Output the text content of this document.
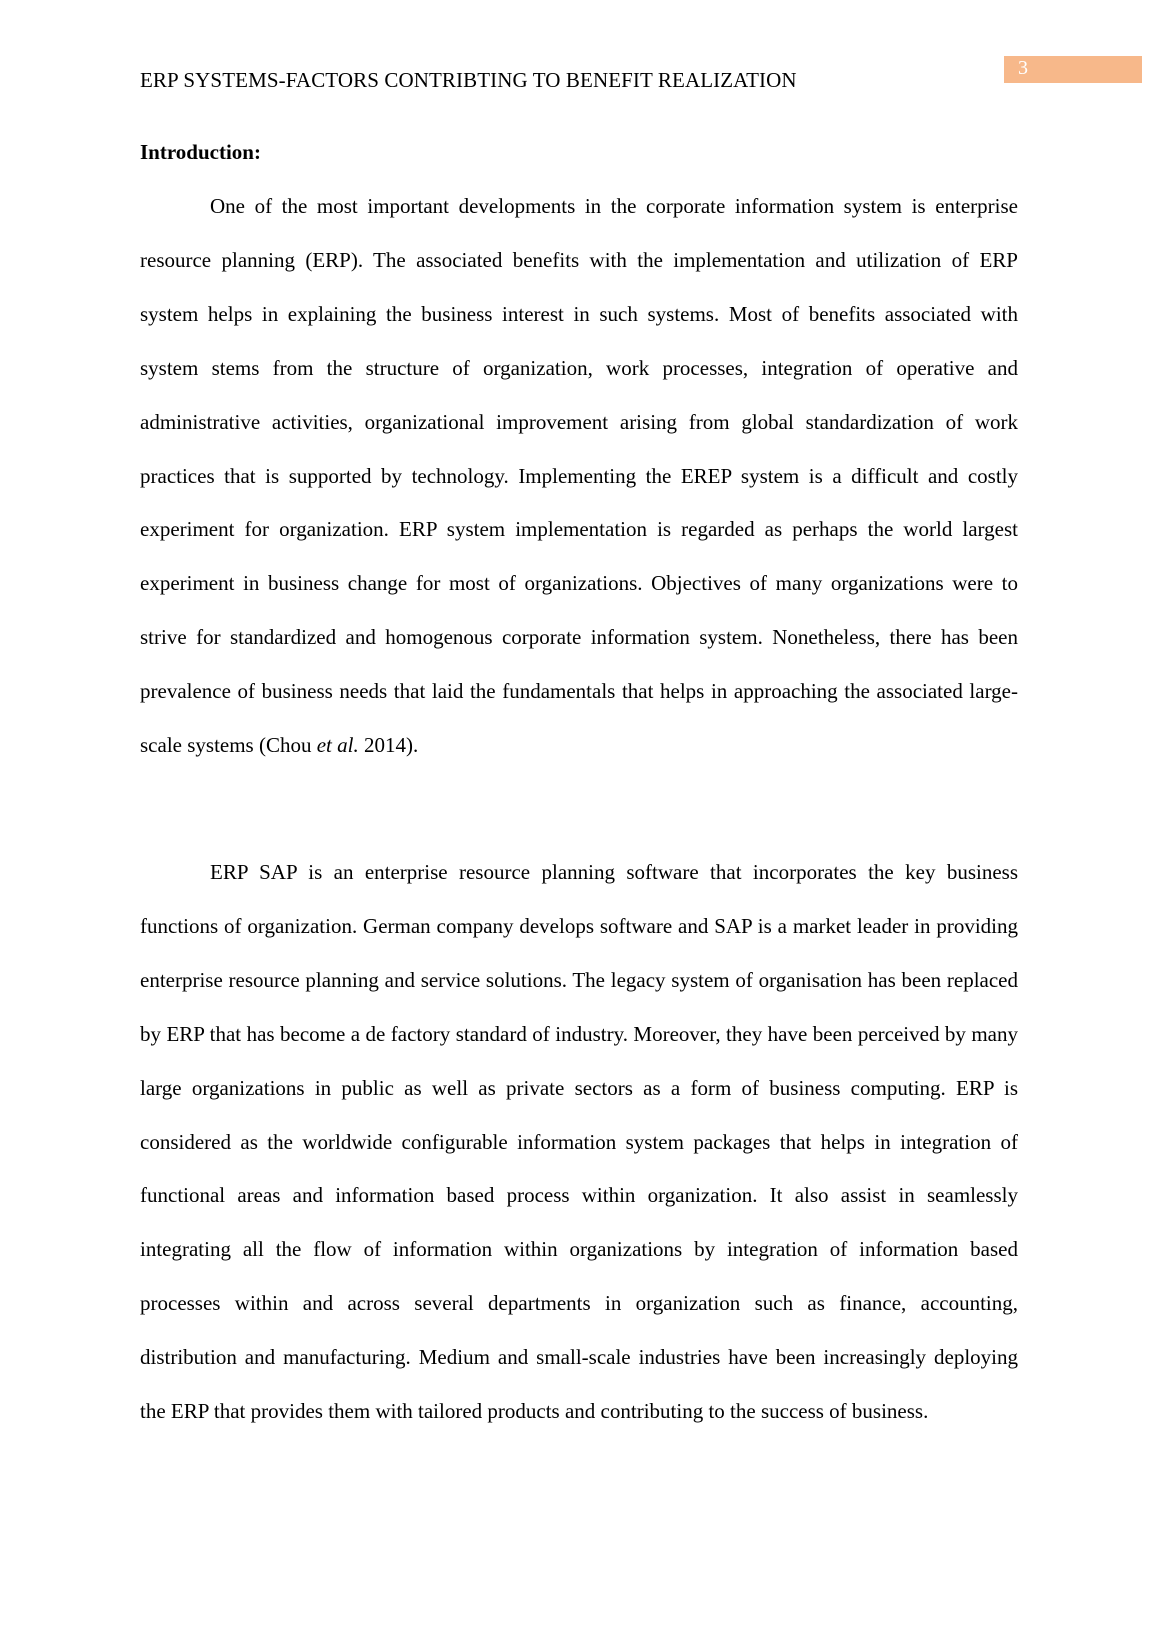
ERP SYSTEMS-FACTORS CONTRIBTING TO BENEFIT REALIZATION	3
Introduction:

One of the most important developments in the corporate information system is enterprise resource planning (ERP). The associated benefits with the implementation and utilization of ERP system helps in explaining the business interest in such systems. Most of benefits associated with system stems from the structure of organization, work processes, integration of operative and administrative activities, organizational improvement arising from global standardization of work practices that is supported by technology. Implementing the EREP system is a difficult and costly experiment for organization. ERP system implementation is regarded as perhaps the world largest experiment in business change for most of organizations. Objectives of many organizations were to strive for standardized and homogenous corporate information system. Nonetheless, there has been prevalence of business needs that laid the fundamentals that helps in approaching the associated large-scale systems (Chou et al. 2014).

ERP SAP is an enterprise resource planning software that incorporates the key business functions of organization. German company develops software and SAP is a market leader in providing enterprise resource planning and service solutions. The legacy system of organisation has been replaced by ERP that has become a de factory standard of industry. Moreover, they have been perceived by many large organizations in public as well as private sectors as a form of business computing. ERP is considered as the worldwide configurable information system packages that helps in integration of functional areas and information based process within organization. It also assist in seamlessly integrating all the flow of information within organizations by integration of information based processes within and across several departments in organization such as finance, accounting, distribution and manufacturing. Medium and small-scale industries have been increasingly deploying the ERP that provides them with tailored products and contributing to the success of business.
